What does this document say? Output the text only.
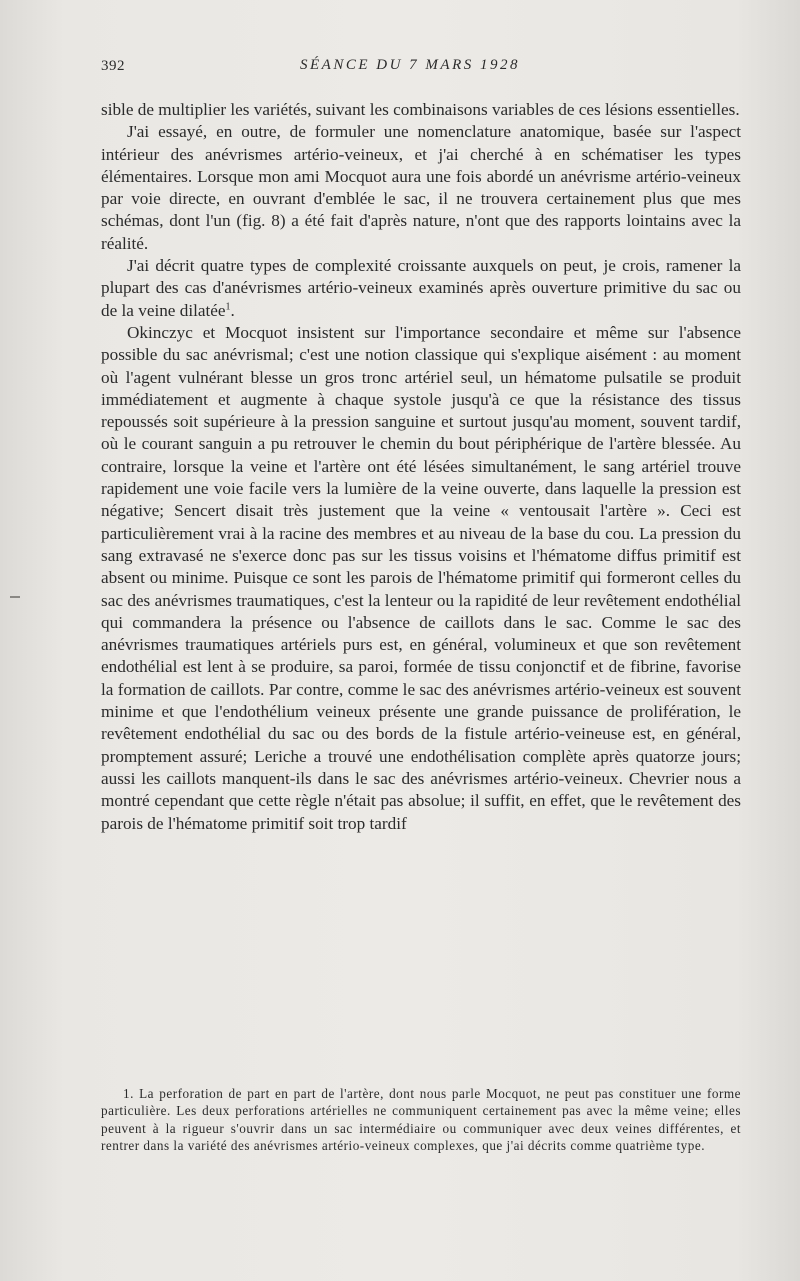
392	SÉANCE DU 7 MARS 1928

sible de multiplier les variétés, suivant les combinaisons variables de ces lésions essentielles.

J'ai essayé, en outre, de formuler une nomenclature anatomique, basée sur l'aspect intérieur des anévrismes artério-veineux, et j'ai cherché à en schématiser les types élémentaires. Lorsque mon ami Mocquot aura une fois abordé un anévrisme artério-veineux par voie directe, en ouvrant d'emblée le sac, il ne trouvera certainement plus que mes schémas, dont l'un (fig. 8) a été fait d'après nature, n'ont que des rapports lointains avec la réalité.

J'ai décrit quatre types de complexité croissante auxquels on peut, je crois, ramener la plupart des cas d'anévrismes artério-veineux examinés après ouverture primitive du sac ou de la veine dilatée$^1$.

Okinczyc et Mocquot insistent sur l'importance secondaire et même sur l'absence possible du sac anévrismal; c'est une notion classique qui s'explique aisément : au moment où l'agent vulnérant blesse un gros tronc artériel seul, un hématome pulsatile se produit immédiatement et augmente à chaque systole jusqu'à ce que la résistance des tissus repoussés soit supérieure à la pression sanguine et surtout jusqu'au moment, souvent tardif, où le courant sanguin a pu retrouver le chemin du bout périphérique de l'artère blessée. Au contraire, lorsque la veine et l'artère ont été lésées simultanément, le sang artériel trouve rapidement une voie facile vers la lumière de la veine ouverte, dans laquelle la pression est négative; Sencert disait très justement que la veine « ventousait l'artère ». Ceci est particulièrement vrai à la racine des membres et au niveau de la base du cou. La pression du sang extravasé ne s'exerce donc pas sur les tissus voisins et l'hématome diffus primitif est absent ou minime. Puisque ce sont les parois de l'hématome primitif qui formeront celles du sac des anévrismes traumatiques, c'est la lenteur ou la rapidité de leur revêtement endothélial qui commandera la présence ou l'absence de caillots dans le sac. Comme le sac des anévrismes traumatiques artériels purs est, en général, volumineux et que son revêtement endothélial est lent à se produire, sa paroi, formée de tissu conjonctif et de fibrine, favorise la formation de caillots. Par contre, comme le sac des anévrismes artério-veineux est souvent minime et que l'endothélium veineux présente une grande puissance de prolifération, le revêtement endothélial du sac ou des bords de la fistule artério-veineuse est, en général, promptement assuré; Leriche a trouvé une endothélisation complète après quatorze jours; aussi les caillots manquent-ils dans le sac des anévrismes artério-veineux. Chevrier nous a montré cependant que cette règle n'était pas absolue; il suffit, en effet, que le revêtement des parois de l'hématome primitif soit trop tardif

1. La perforation de part en part de l'artère, dont nous parle Mocquot, ne peut pas constituer une forme particulière. Les deux perforations artérielles ne communiquent certainement pas avec la même veine; elles peuvent à la rigueur s'ouvrir dans un sac intermédiaire ou communiquer avec deux veines différentes, et rentrer dans la variété des anévrismes artério-veineux complexes, que j'ai décrits comme quatrième type.
